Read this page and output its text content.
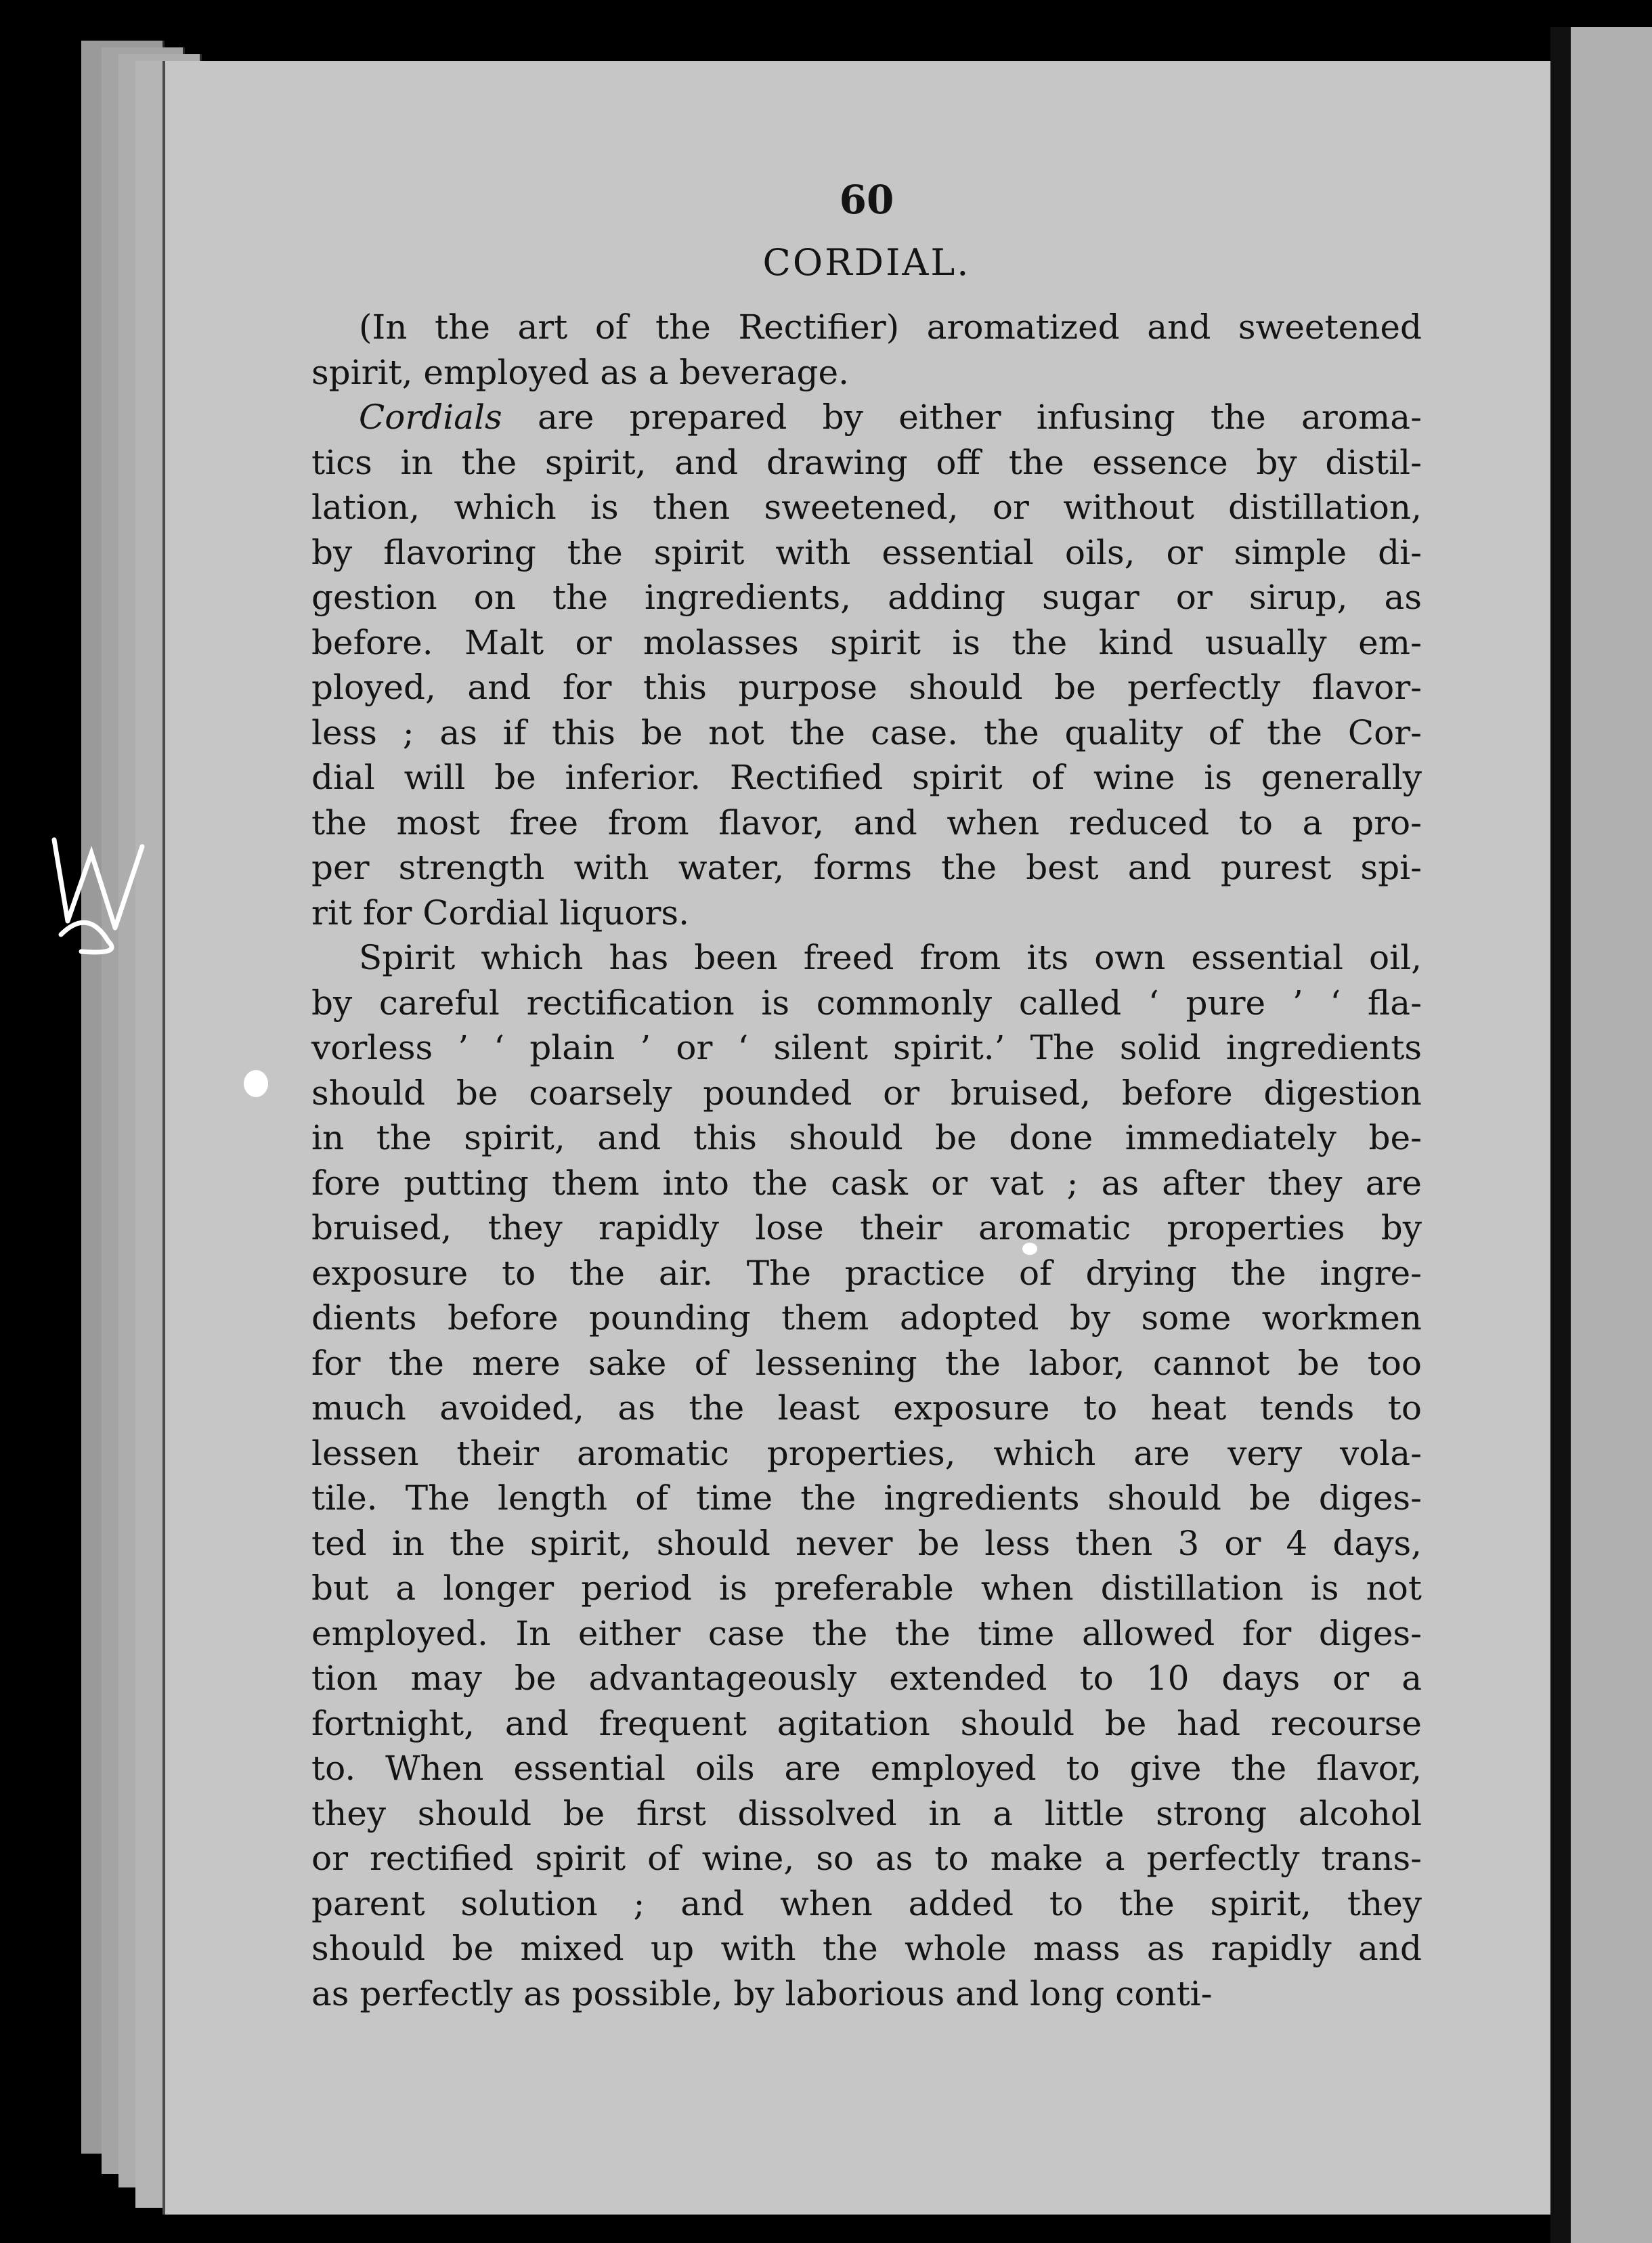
60
CORDIAL.
(In the art of the Rectifier) aromatized and sweetened
spirit, employed as a beverage.
Cordials are prepared by either infusing the aroma-
tics in the spirit, and drawing off the essence by distil-
lation, which is then sweetened, or without distillation,
by flavoring the spirit with essential oils, or simple di-
gestion on the ingredients, adding sugar or sirup, as
before. Malt or molasses spirit is the kind usually em-
ployed, and for this purpose should be perfectly flavor-
less ; as if this be not the case. the quality of the Cor-
dial will be inferior. Rectified spirit of wine is generally
the most free from flavor, and when reduced to a pro-
per strength with water, forms the best and purest spi-
rit for Cordial liquors.
Spirit which has been freed from its own essential oil,
by careful rectification is commonly called ‘ pure ’ ‘ fla-
vorless ’ ‘ plain ’ or ‘ silent spirit.’ The solid ingredients
should be coarsely pounded or bruised, before digestion
in the spirit, and this should be done immediately be-
fore putting them into the cask or vat ; as after they are
bruised, they rapidly lose their aromatic properties by
exposure to the air. The practice of drying the ingre-
dients before pounding them adopted by some workmen
for the mere sake of lessening the labor, cannot be too
much avoided, as the least exposure to heat tends to
lessen their aromatic properties, which are very vola-
tile. The length of time the ingredients should be diges-
ted in the spirit, should never be less then 3 or 4 days,
but a longer period is preferable when distillation is not
employed. In either case the the time allowed for diges-
tion may be advantageously extended to 10 days or a
fortnight, and frequent agitation should be had recourse
to. When essential oils are employed to give the flavor,
they should be first dissolved in a little strong alcohol
or rectified spirit of wine, so as to make a perfectly trans-
parent solution ; and when added to the spirit, they
should be mixed up with the whole mass as rapidly and
as perfectly as possible, by laborious and long conti-
